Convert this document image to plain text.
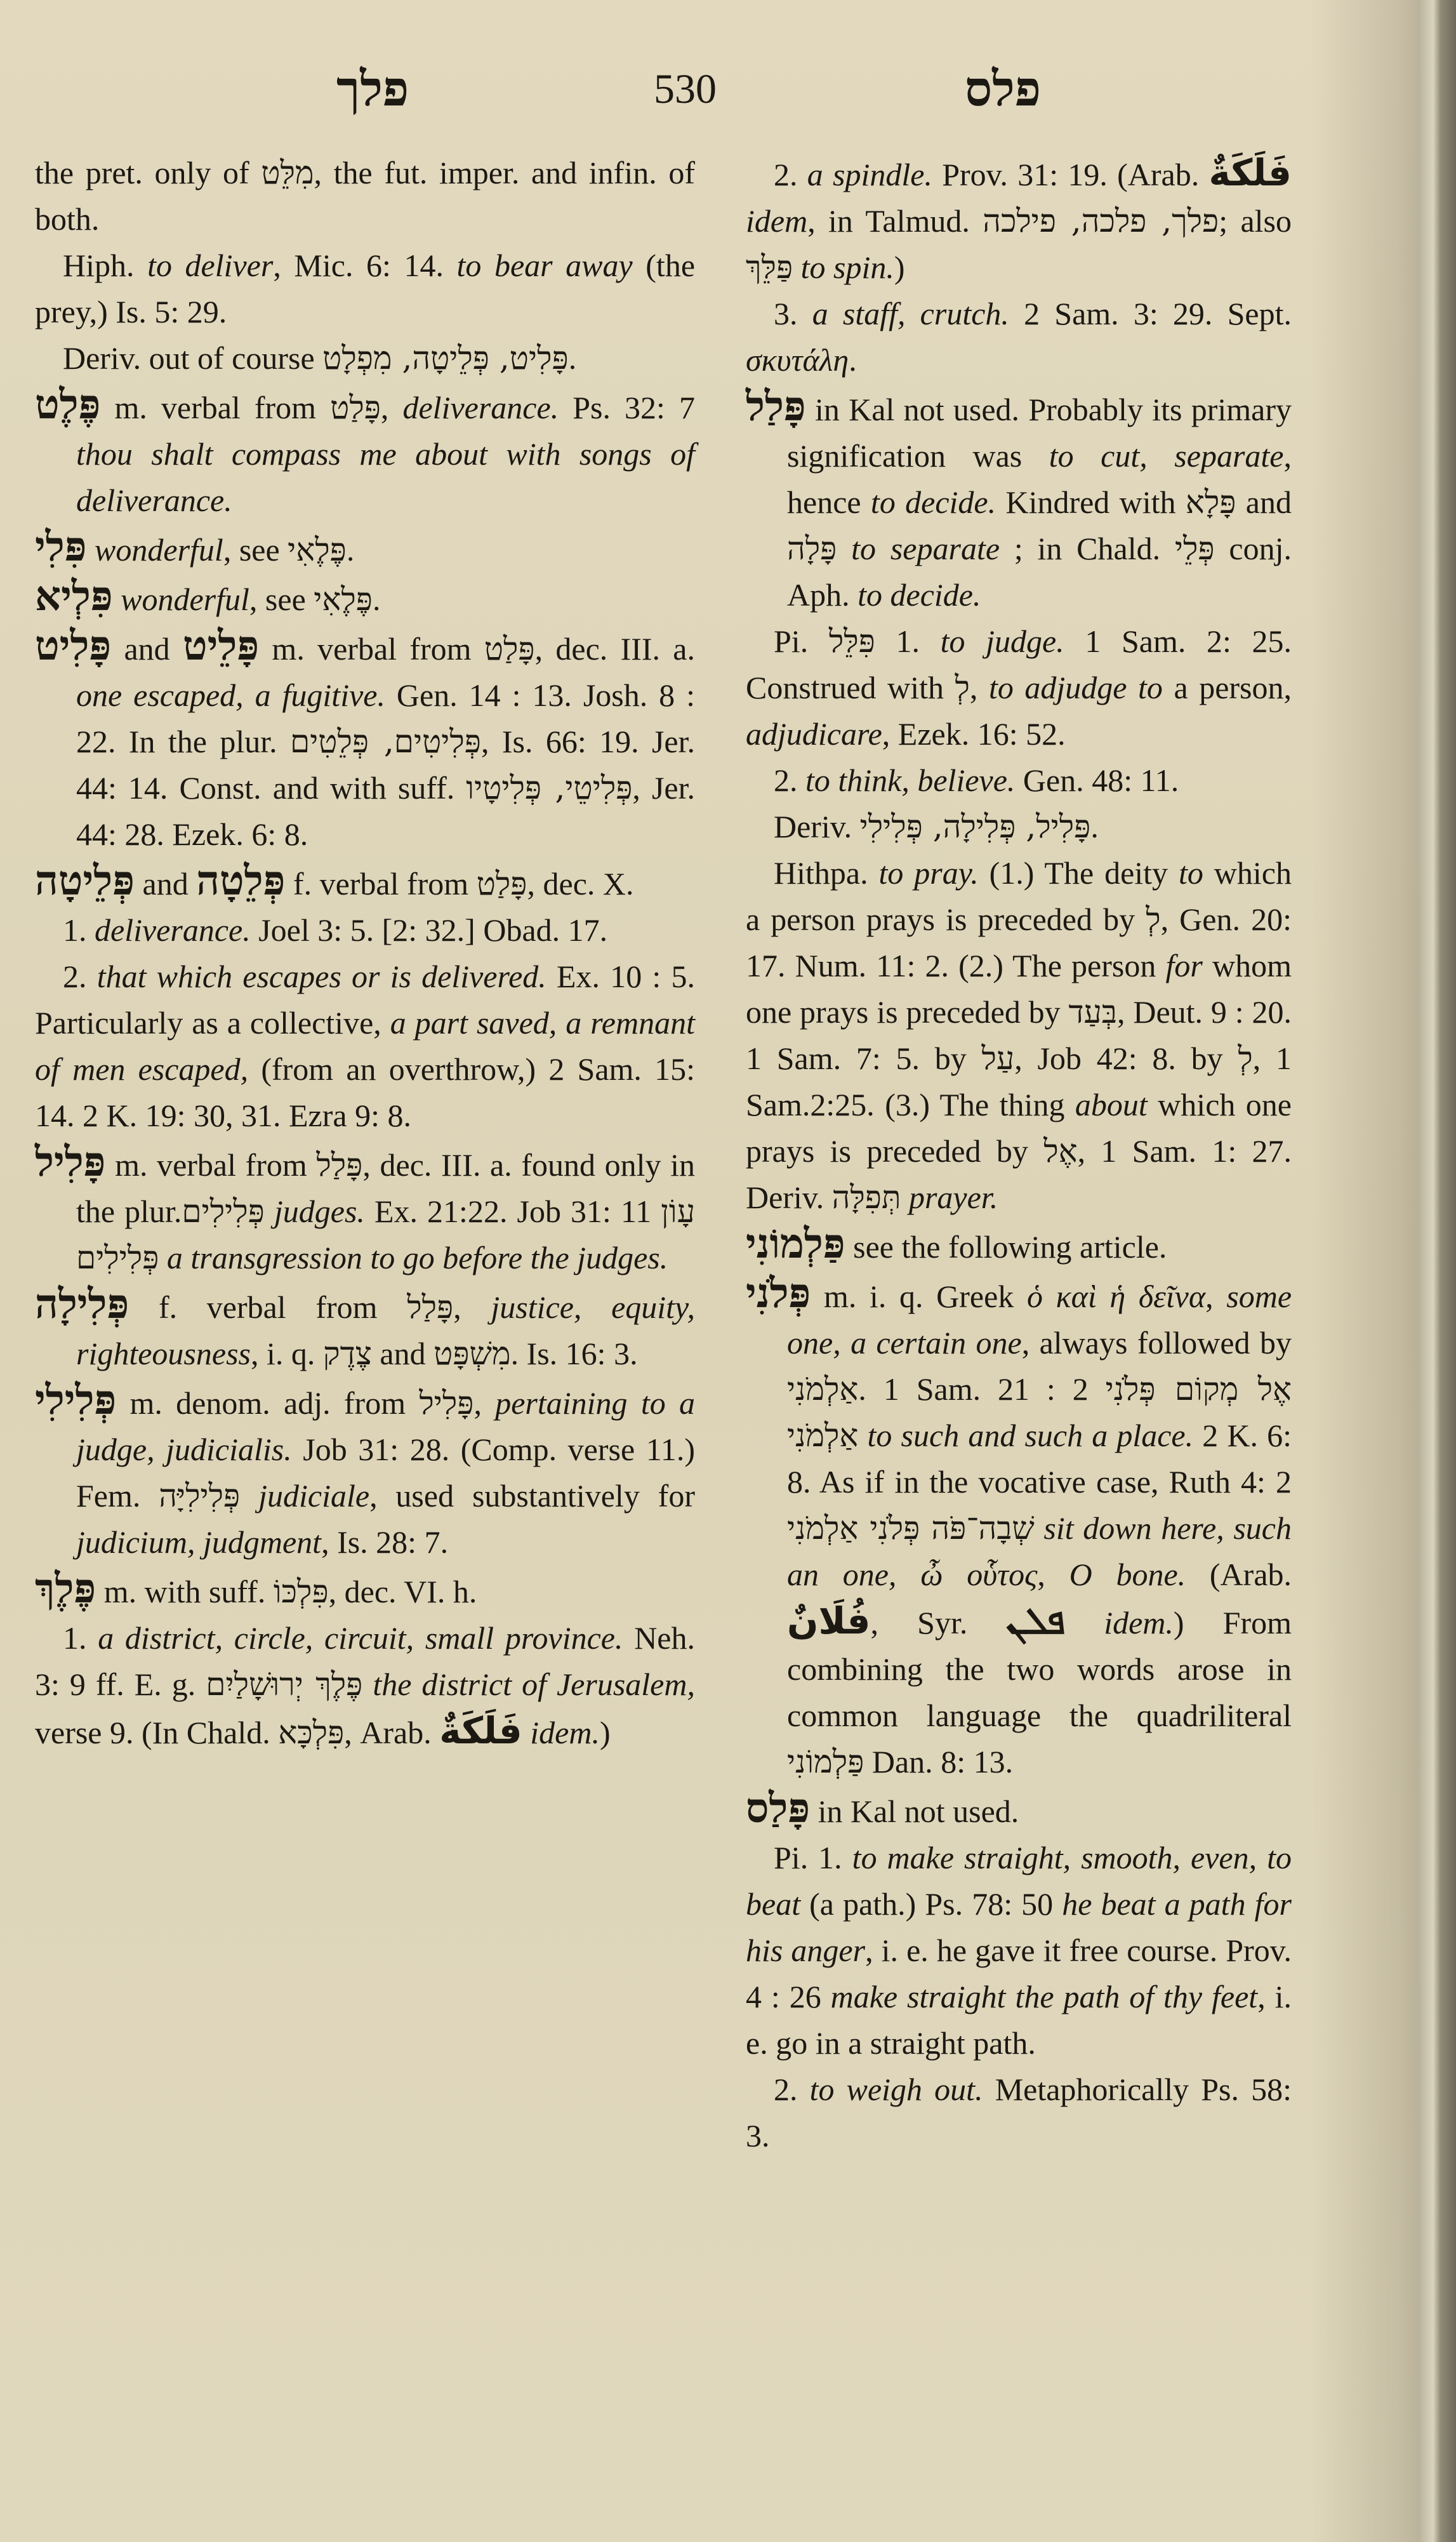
פלך	530	פלס

the pret. only of מִלֵּט, the fut. imper. and infin. of both.

Hiph. to deliver, Mic. 6: 14. to bear away (the prey,) Is. 5: 29.

Deriv. out of course פָּלִיט, פְּלֵיטָה, מִפְלָט.

פֶּלֶט m. verbal from פָּלַט, deliverance. Ps. 32: 7 thou shalt compass me about with songs of deliverance.

פִּלִי wonderful, see פֶּלֶאִי.

פִּלְיא wonderful, see פֶּלֶאִי.

פָּלִיט and פָּלֵיט m. verbal from פָּלַט, dec. III. a. one escaped, a fugitive. Gen. 14 : 13. Josh. 8 : 22. In the plur. פְּלִיטִים, פְּלֵטִים, Is. 66: 19. Jer. 44: 14. Const. and with suff. פְּלִיטֵי, פְּלִיטָיו, Jer. 44: 28. Ezek. 6: 8.

פְּלֵיטָה and פְּלֵטָה f. verbal from פָּלַט, dec. X.

1. deliverance. Joel 3: 5. [2: 32.] Obad. 17.

2. that which escapes or is delivered. Ex. 10 : 5. Particularly as a collective, a part saved, a remnant of men escaped, (from an overthrow,) 2 Sam. 15: 14. 2 K. 19: 30, 31. Ezra 9: 8.

פָּלִיל m. verbal from פָּלַל, dec. III. a. found only in the plur.פְּלִילִים judges. Ex. 21:22. Job 31: 11 עָוֹן פְּלִילִים a transgression to go before the judges.

פְּלִילָה f. verbal from פָּלַל, justice, equity, righteousness, i. q. צֶדֶק and מִשְׁפָּט. Is. 16: 3.

פְּלִילִי m. denom. adj. from פָּלִיל, pertaining to a judge, judicialis. Job 31: 28. (Comp. verse 11.) Fem. פְּלִילִיָּה judiciale, used substantively for judicium, judgment, Is. 28: 7.

פֶּלֶךְ m. with suff. פִּלְכּוֹ, dec. VI. h.

1. a district, circle, circuit, small province. Neh. 3: 9 ff. E. g. פֶּלֶךְ יְרוּשָׁלַיִם the district of Jerusalem, verse 9. (In Chald. פִּלְכָּא, Arab. فَلَكَةٌ idem.)

2. a spindle. Prov. 31: 19. (Arab. فَلَكَةٌ idem, in Talmud. פלך, פלכה, פילכה; also פַּלֵּךְ to spin.)

3. a staff, crutch. 2 Sam. 3: 29. Sept. σκυτάλη.

פָּלַל in Kal not used. Probably its primary signification was to cut, separate, hence to decide. Kindred with פָּלָא and פָּלָה to separate ; in Chald. פְּלֵי conj. Aph. to decide.

Pi. פִּלֵּל 1. to judge. 1 Sam. 2: 25. Construed with לְ, to adjudge to a person, adjudicare, Ezek. 16: 52.

2. to think, believe. Gen. 48: 11.

Deriv. פָּלִיל, פְּלִילָה, פְּלִילִי.

Hithpa. to pray. (1.) The deity to which a person prays is preceded by לְ, Gen. 20: 17. Num. 11: 2. (2.) The person for whom one prays is preceded by בְּעַד, Deut. 9 : 20. 1 Sam. 7: 5. by עַל, Job 42: 8. by לְ, 1 Sam.2:25. (3.) The thing about which one prays is preceded by אֶל, 1 Sam. 1: 27. Deriv. תְּפִלָּה prayer.

פַּלְמוֹנִי see the following article.

פְּלֹנִי m. i. q. Greek ὁ καὶ ἡ δεῖνα, some one, a certain one, always followed by אַלְמֹנִי. 1 Sam. 21 : 2 אֶל מְקוֹם פְּלֹנִי אַלְמֹנִי to such and such a place. 2 K. 6: 8. As if in the vocative case, Ruth 4: 2 שְׁבָה־פֹּה פְּלֹנִי אַלְמֹנִי sit down here, such an one, ὦ οὗτος, O bone. (Arab. فُلَانٌ, Syr. ܦܠܢ idem.) From combining the two words arose in common language the quadriliteral פַּלְמוֹנִי Dan. 8: 13.

פָּלַס in Kal not used.

Pi. 1. to make straight, smooth, even, to beat (a path.) Ps. 78: 50 he beat a path for his anger, i. e. he gave it free course. Prov. 4 : 26 make straight the path of thy feet, i. e. go in a straight path.

2. to weigh out. Metaphorically Ps. 58: 3.
